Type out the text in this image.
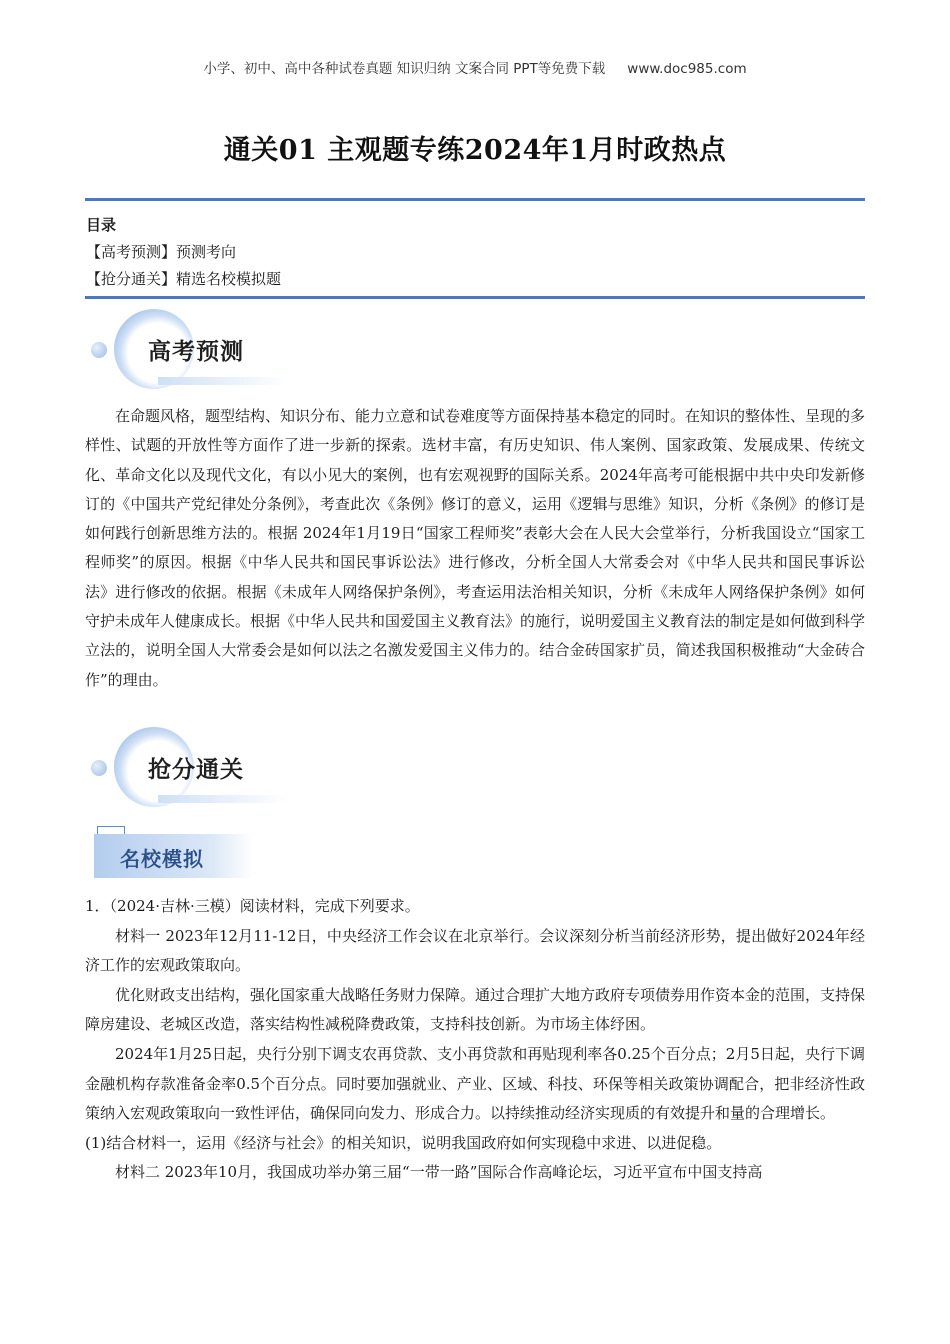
小学、初中、高中各种试卷真题 知识归纳 文案合同 PPT等免费下载 www.doc985.com
通关01 主观题专练2024年1月时政热点
目录
【高考预测】预测考向
【抢分通关】精选名校模拟题
高考预测

在命题风格，题型结构、知识分布、能力立意和试卷难度等方面保持基本稳定的同时。在知识的整体性、呈现的多样性、试题的开放性等方面作了进一步新的探索。选材丰富，有历史知识、伟人案例、国家政策、发展成果、传统文化、革命文化以及现代文化，有以小见大的案例，也有宏观视野的国际关系。2024年高考可能根据中共中央印发新修订的《中国共产党纪律处分条例》，考查此次《条例》修订的意义，运用《逻辑与思维》知识，分析《条例》的修订是如何践行创新思维方法的。根据 2024年1月19日“国家工程师奖”表彰大会在人民大会堂举行，分析我国设立“国家工程师奖”的原因。根据《中华人民共和国民事诉讼法》进行修改，分析全国人大常委会对《中华人民共和国民事诉讼法》进行修改的依据。根据《未成年人网络保护条例》，考查运用法治相关知识，分析《未成年人网络保护条例》如何守护未成年人健康成长。根据《中华人民共和国爱国主义教育法》的施行，说明爱国主义教育法的制定是如何做到科学立法的，说明全国人大常委会是如何以法之名激发爱国主义伟力的。结合金砖国家扩员，简述我国积极推动“大金砖合作”的理由。

抢分通关
名校模拟

1．（2024·吉林·三模）阅读材料，完成下列要求。

材料一 2023年12月11-12日，中央经济工作会议在北京举行。会议深刻分析当前经济形势，提出做好2024年经济工作的宏观政策取向。

优化财政支出结构，强化国家重大战略任务财力保障。通过合理扩大地方政府专项债券用作资本金的范围，支持保障房建设、老城区改造，落实结构性减税降费政策，支持科技创新。为市场主体纾困。

2024年1月25日起，央行分别下调支农再贷款、支小再贷款和再贴现利率各0.25个百分点；2月5日起，央行下调金融机构存款准备金率0.5个百分点。同时要加强就业、产业、区域、科技、环保等相关政策协调配合，把非经济性政策纳入宏观政策取向一致性评估，确保同向发力、形成合力。以持续推动经济实现质的有效提升和量的合理增长。

(1)结合材料一，运用《经济与社会》的相关知识，说明我国政府如何实现稳中求进、以进促稳。

材料二 2023年10月，我国成功举办第三届“一带一路”国际合作高峰论坛，习近平宣布中国支持高
